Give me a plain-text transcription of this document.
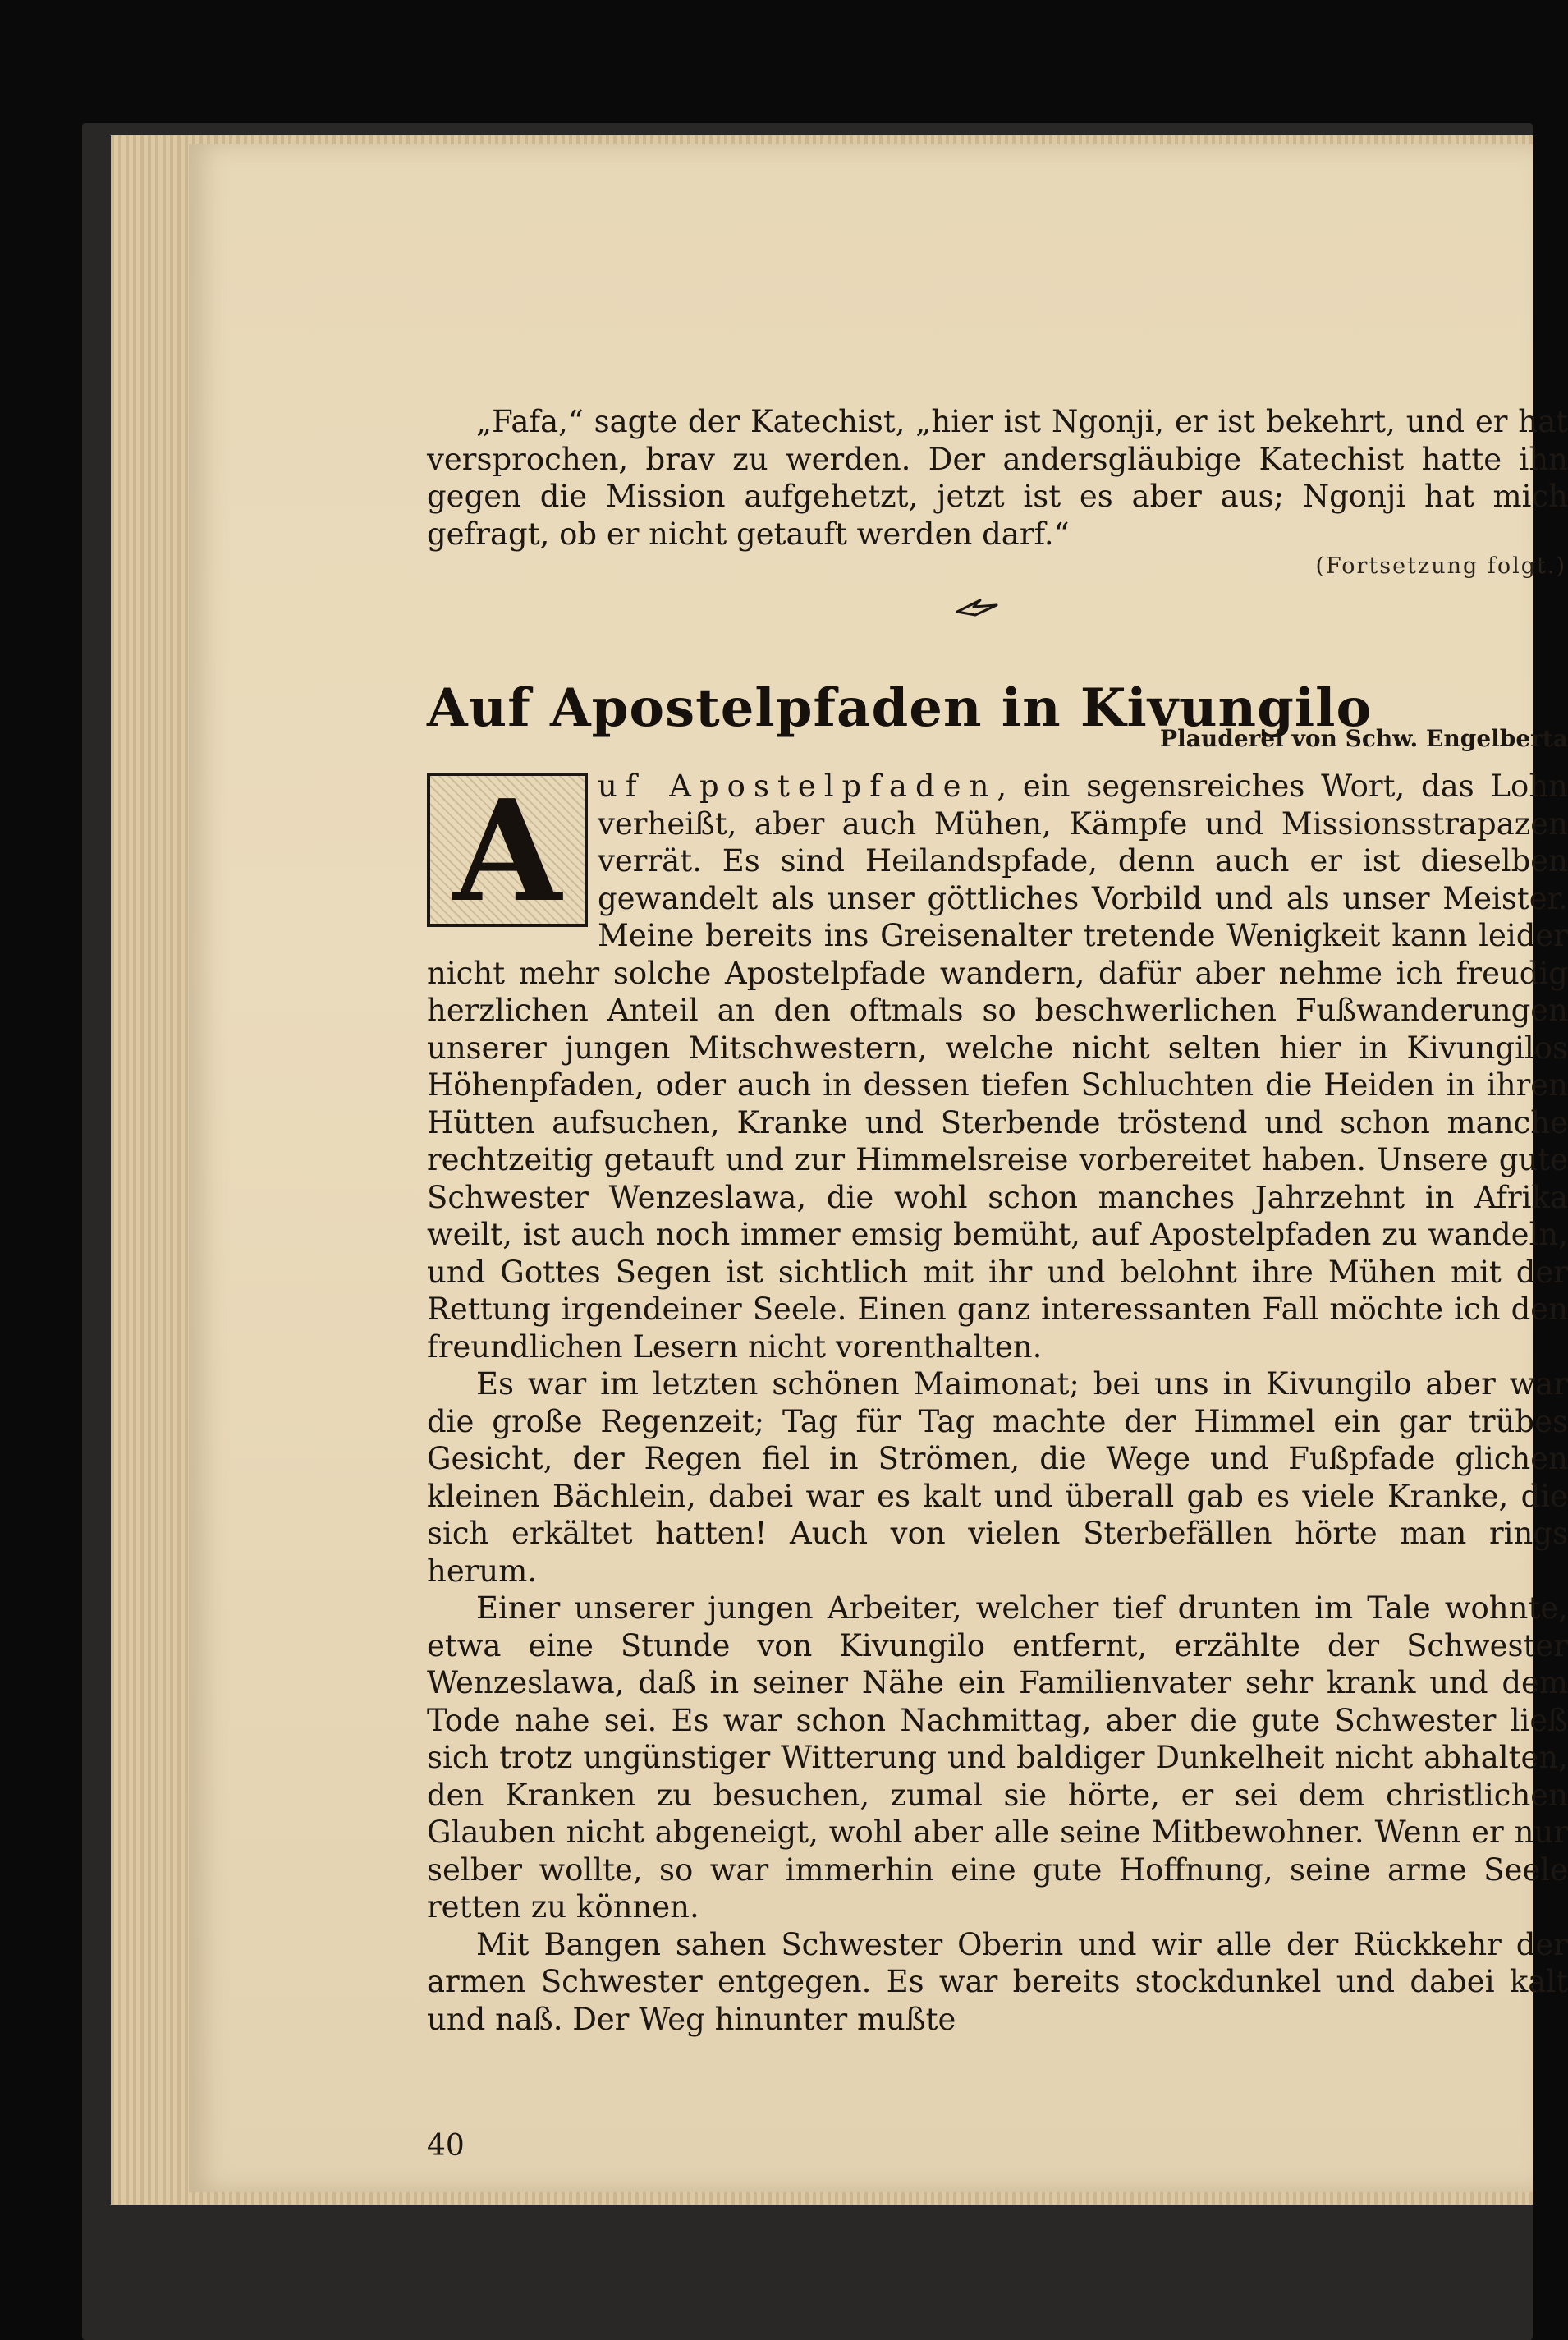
„Fafa,“ sagte der Katechist, „hier ist Ngonji, er ist bekehrt, und er hat versprochen, brav zu werden. Der andersgläubige Katechist hatte ihn gegen die Mission aufgehetzt, jetzt ist es aber aus; Ngonji hat mich gefragt, ob er nicht getauft werden darf.“

(Fortsetzung folgt.)
Auf Apostelpfaden in Kivungilo
Plauderei von Schw. Engelberta
A	uf Apostelpfaden, ein segensreiches Wort, das Lohn verheißt, aber auch Mühen, Kämpfe und Missionsstrapazen verrät. Es sind Heilandspfade, denn auch er ist dieselben gewandelt als unser göttliches Vorbild und als unser Meister. Meine bereits ins Greisenalter tretende Wenigkeit kann leider nicht mehr solche Apostelpfade wandern, dafür aber nehme ich freudig herzlichen Anteil an den oftmals so beschwerlichen Fußwanderungen unserer jungen Mitschwestern, welche nicht selten hier in Kivungilos Höhenpfaden, oder auch in dessen tiefen Schluchten die Heiden in ihren Hütten aufsuchen, Kranke und Sterbende tröstend und schon manche rechtzeitig getauft und zur Himmelsreise vorbereitet haben. Unsere gute Schwester Wenzeslawa, die wohl schon manches Jahrzehnt in Afrika weilt, ist auch noch immer emsig bemüht, auf Apostelpfaden zu wandeln, und Gottes Segen ist sichtlich mit ihr und belohnt ihre Mühen mit der Rettung irgendeiner Seele. Einen ganz interessanten Fall möchte ich den freundlichen Lesern nicht vorenthalten.

Es war im letzten schönen Maimonat; bei uns in Kivungilo aber war die große Regenzeit; Tag für Tag machte der Himmel ein gar trübes Gesicht, der Regen fiel in Strömen, die Wege und Fußpfade glichen kleinen Bächlein, dabei war es kalt und überall gab es viele Kranke, die sich erkältet hatten! Auch von vielen Sterbefällen hörte man rings herum.

Einer unserer jungen Arbeiter, welcher tief drunten im Tale wohnte, etwa eine Stunde von Kivungilo entfernt, erzählte der Schwester Wenzeslawa, daß in seiner Nähe ein Familienvater sehr krank und dem Tode nahe sei. Es war schon Nachmittag, aber die gute Schwester ließ sich trotz ungünstiger Witterung und baldiger Dunkelheit nicht abhalten, den Kranken zu besuchen, zumal sie hörte, er sei dem christlichen Glauben nicht abgeneigt, wohl aber alle seine Mitbewohner. Wenn er nur selber wollte, so war immerhin eine gute Hoffnung, seine arme Seele retten zu können.

Mit Bangen sahen Schwester Oberin und wir alle der Rückkehr der armen Schwester entgegen. Es war bereits stockdunkel und dabei kalt und naß. Der Weg hinunter mußte

40
